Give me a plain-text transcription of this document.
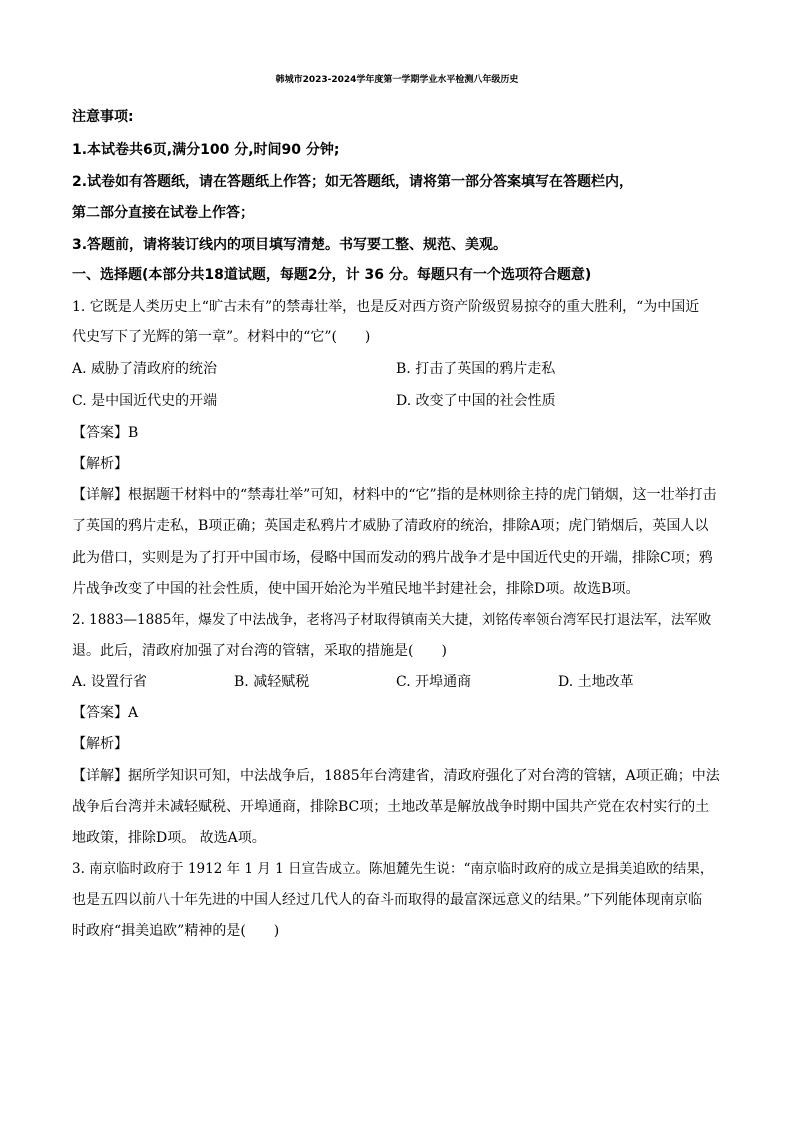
韩城市2023-2024学年度第一学期学业水平检测八年级历史
注意事项:
1.本试卷共6页,满分100 分,时间90 分钟;
2.试卷如有答题纸，请在答题纸上作答；如无答题纸，请将第一部分答案填写在答题栏内，
第二部分直接在试卷上作答；
3.答题前，请将装订线内的项目填写清楚。书写要工整、规范、美观。
一、选择题(本部分共18道试题，每题2分，计 36 分。每题只有一个选项符合题意)
1. 它既是人类历史上“旷古未有”的禁毒壮举，也是反对西方资产阶级贸易掠夺的重大胜利，“为中国近
代史写下了光辉的第一章”。材料中的“它”(　　)
A. 威胁了清政府的统治	B. 打击了英国的鸦片走私
C. 是中国近代史的开端	D. 改变了中国的社会性质
【答案】B
【解析】
【详解】根据题干材料中的“禁毒壮举”可知，材料中的“它”指的是林则徐主持的虎门销烟，这一壮举打击
了英国的鸦片走私，B项正确；英国走私鸦片才威胁了清政府的统治，排除A项；虎门销烟后，英国人以
此为借口，实则是为了打开中国市场，侵略中国而发动的鸦片战争才是中国近代史的开端，排除C项；鸦
片战争改变了中国的社会性质，使中国开始沦为半殖民地半封建社会，排除D项。故选B项。
2. 1883—1885年，爆发了中法战争，老将冯子材取得镇南关大捷，刘铭传率领台湾军民打退法军，法军败
退。此后，清政府加强了对台湾的管辖，采取的措施是(　　)
A. 设置行省	B. 减轻赋税	C. 开埠通商	D. 土地改革
【答案】A
【解析】
【详解】据所学知识可知，中法战争后，1885年台湾建省，清政府强化了对台湾的管辖，A项正确；中法
战争后台湾并未减轻赋税、开埠通商，排除BC项；土地改革是解放战争时期中国共产党在农村实行的土
地政策，排除D项。 故选A项。
3. 南京临时政府于 1912 年 1 月 1 日宣告成立。陈旭麓先生说：“南京临时政府的成立是揖美追欧的结果，
也是五四以前八十年先进的中国人经过几代人的奋斗而取得的最富深远意义的结果。”下列能体现南京临
时政府“揖美追欧”精神的是(　　)
